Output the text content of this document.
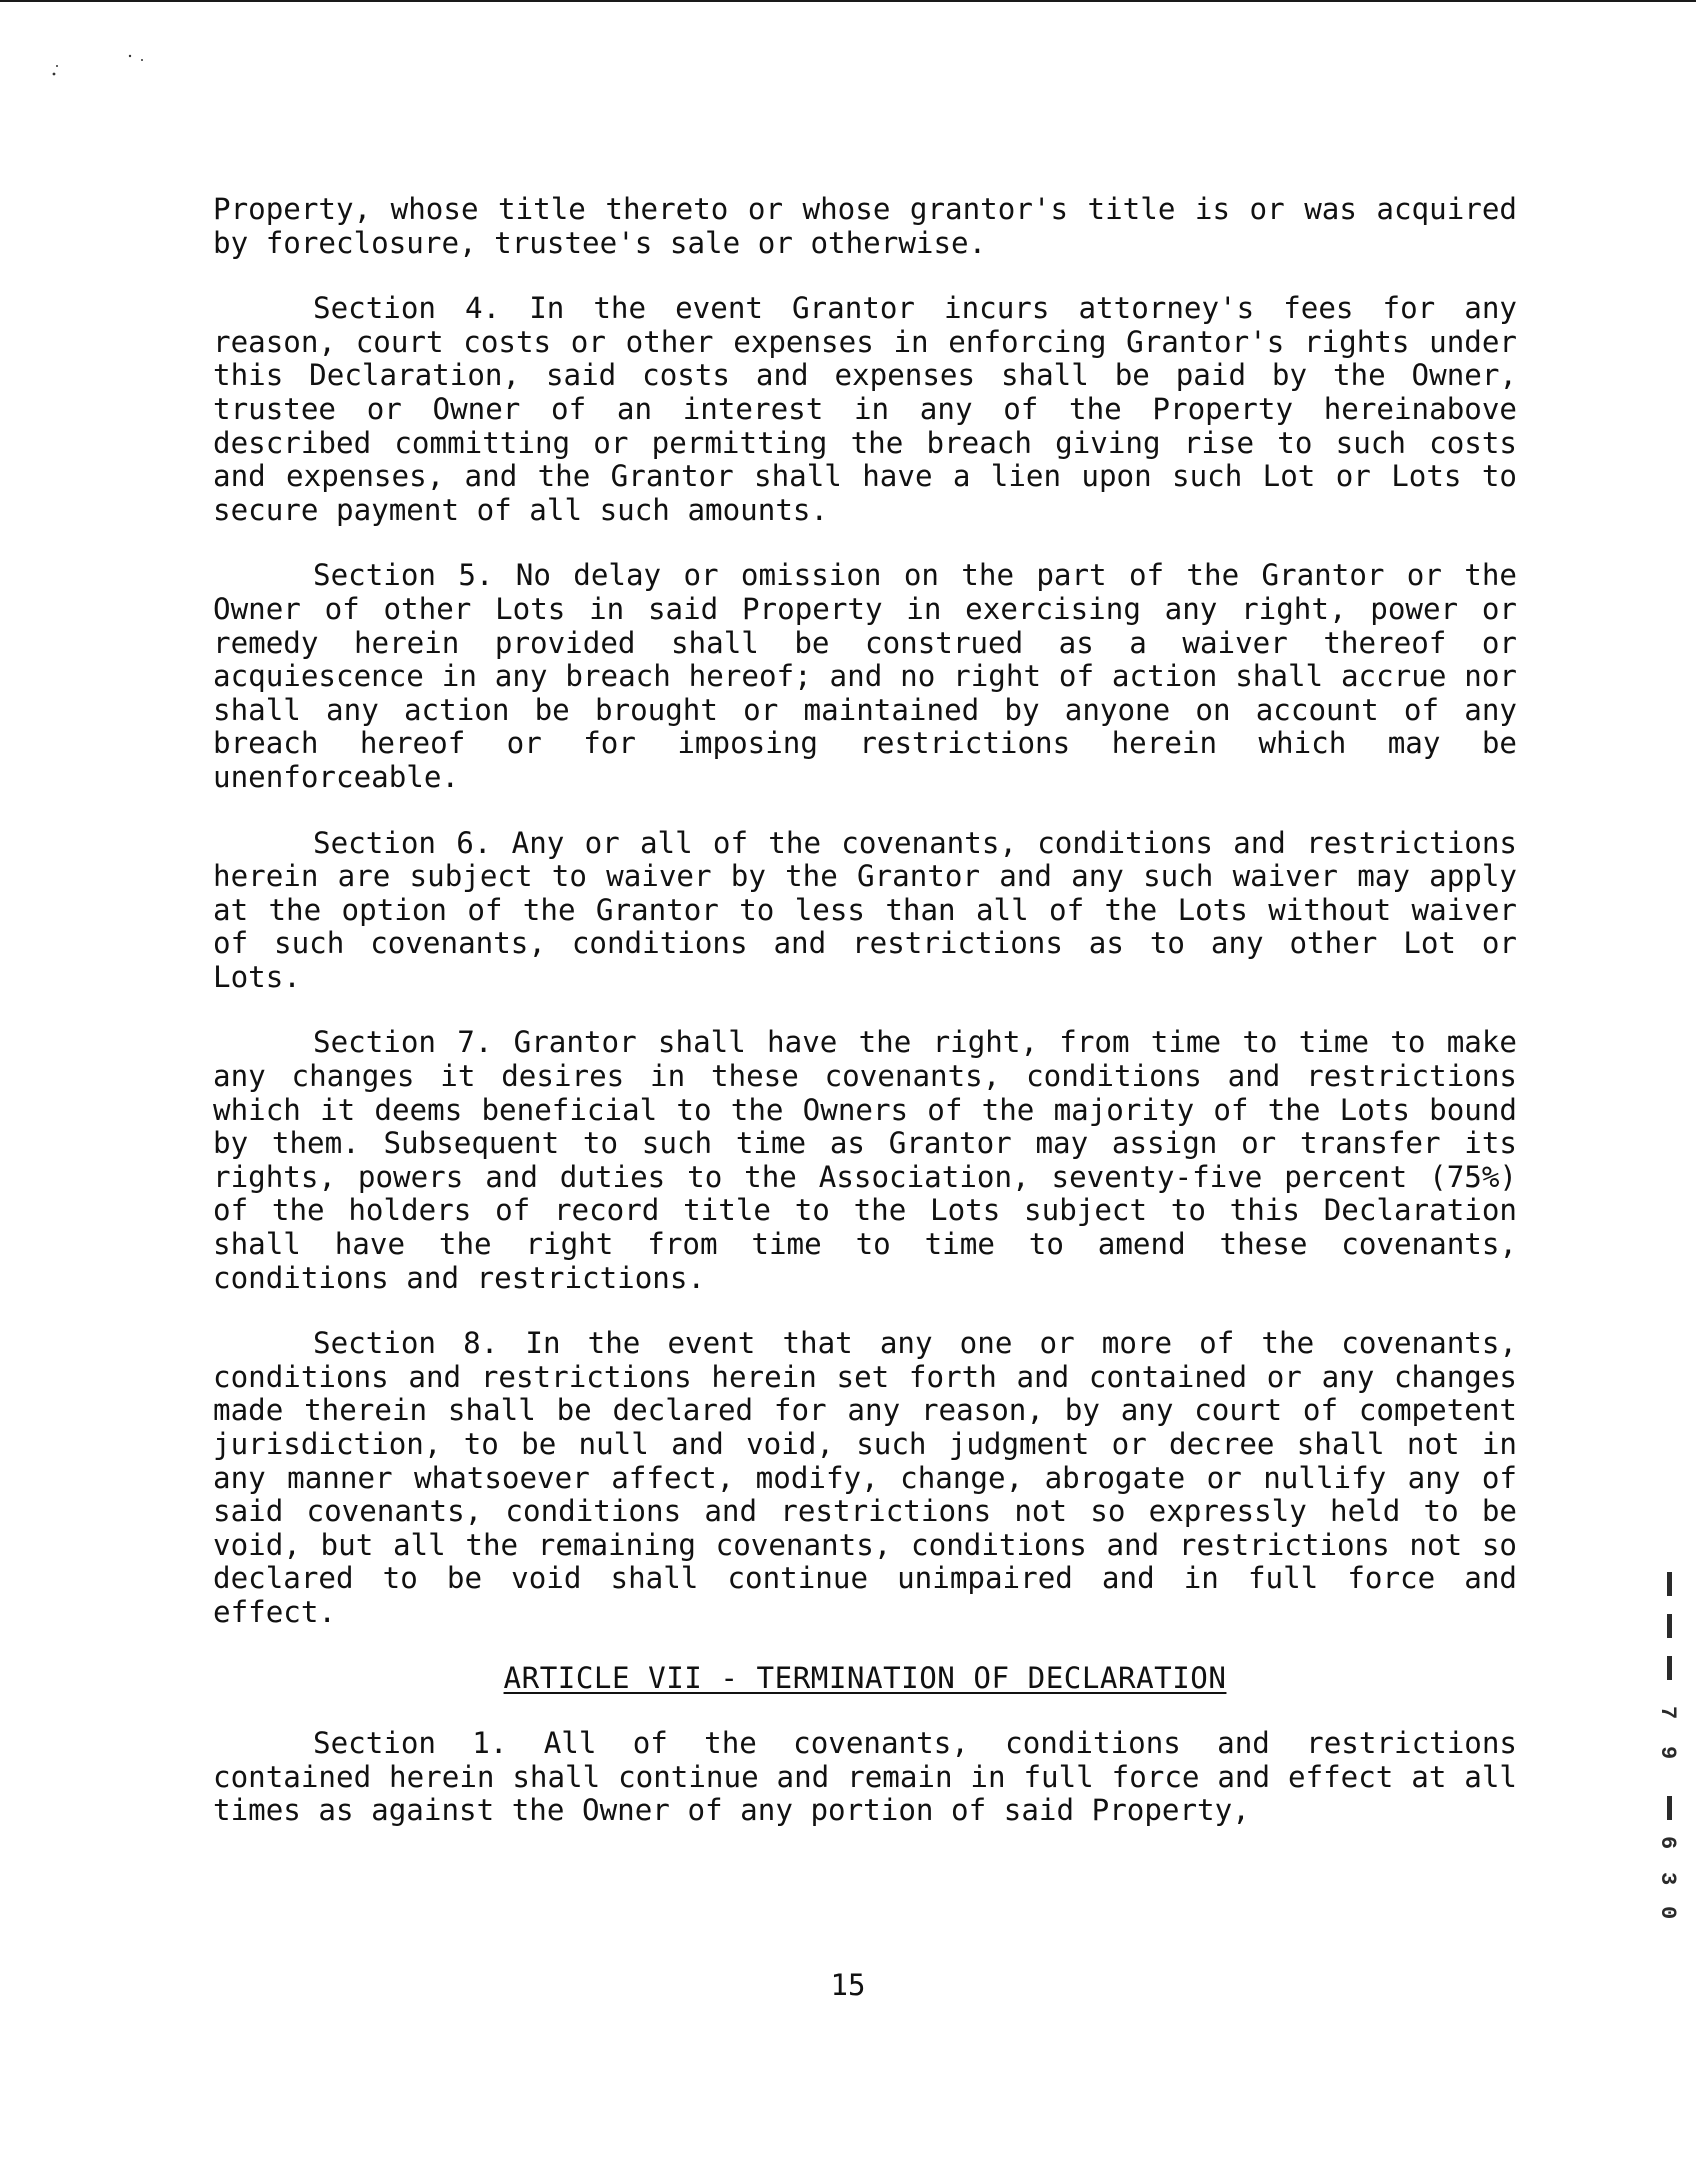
Property, whose title thereto or whose grantor's title is or was acquired by foreclosure, trustee's sale or otherwise.

Section 4. In the event Grantor incurs attorney's fees for any reason, court costs or other expenses in enforcing Grantor's rights under this Declaration, said costs and expenses shall be paid by the Owner, trustee or Owner of an interest in any of the Property hereinabove described committing or permitting the breach giving rise to such costs and expenses, and the Grantor shall have a lien upon such Lot or Lots to secure payment of all such amounts.

Section 5. No delay or omission on the part of the Grantor or the Owner of other Lots in said Property in exercising any right, power or remedy herein provided shall be construed as a waiver thereof or acquiescence in any breach hereof; and no right of action shall accrue nor shall any action be brought or maintained by anyone on account of any breach hereof or for imposing restrictions herein which may be unenforceable.

Section 6. Any or all of the covenants, conditions and restrictions herein are subject to waiver by the Grantor and any such waiver may apply at the option of the Grantor to less than all of the Lots without waiver of such covenants, conditions and restrictions as to any other Lot or Lots.

Section 7. Grantor shall have the right, from time to time to make any changes it desires in these covenants, conditions and restrictions which it deems beneficial to the Owners of the majority of the Lots bound by them. Subsequent to such time as Grantor may assign or transfer its rights, powers and duties to the Association, seventy-five percent (75%) of the holders of record title to the Lots subject to this Declaration shall have the right from time to time to amend these covenants, conditions and restrictions.

Section 8. In the event that any one or more of the covenants, conditions and restrictions herein set forth and contained or any changes made therein shall be declared for any reason, by any court of competent jurisdiction, to be null and void, such judgment or decree shall not in any manner whatsoever affect, modify, change, abrogate or nullify any of said covenants, conditions and restrictions not so expressly held to be void, but all the remaining covenants, conditions and restrictions not so declared to be void shall continue unimpaired and in full force and effect.

ARTICLE VII - TERMINATION OF DECLARATION

Section 1. All of the covenants, conditions and restrictions contained herein shall continue and remain in full force and effect at all times as against the Owner of any portion of said Property,

15
7
9
6
3
0
